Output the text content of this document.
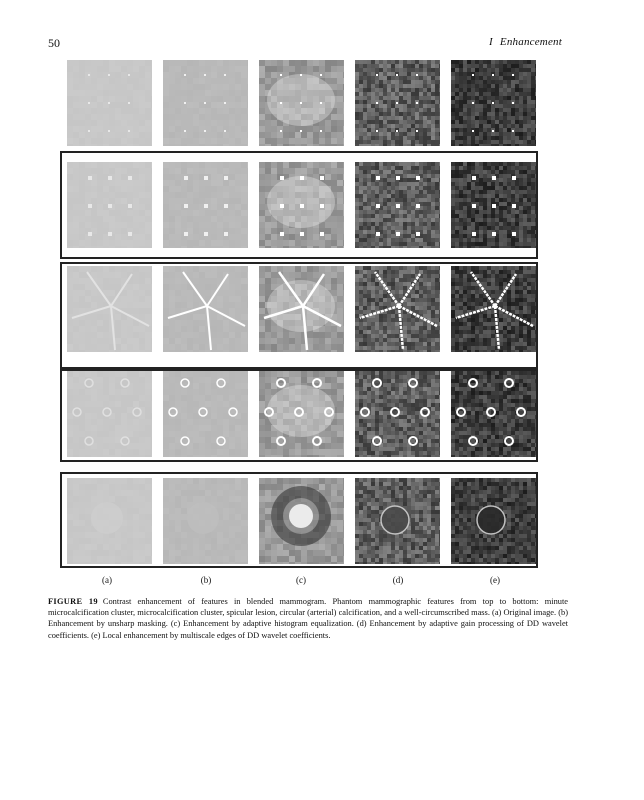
50	I Enhancement
(a)	(b)	(c)	(d)	(e)
FIGURE 19 Contrast enhancement of features in blended mammogram. Phantom mammographic features from top to bottom: minute microcalcification cluster, microcalcification cluster, spicular lesion, circular (arterial) calcification, and a well-circumscribed mass. (a) Original image. (b) Enhancement by unsharp masking. (c) Enhancement by adaptive histogram equalization. (d) Enhancement by adaptive gain processing of DD wavelet coefficients. (e) Local enhancement by multiscale edges of DD wavelet coefficients.
